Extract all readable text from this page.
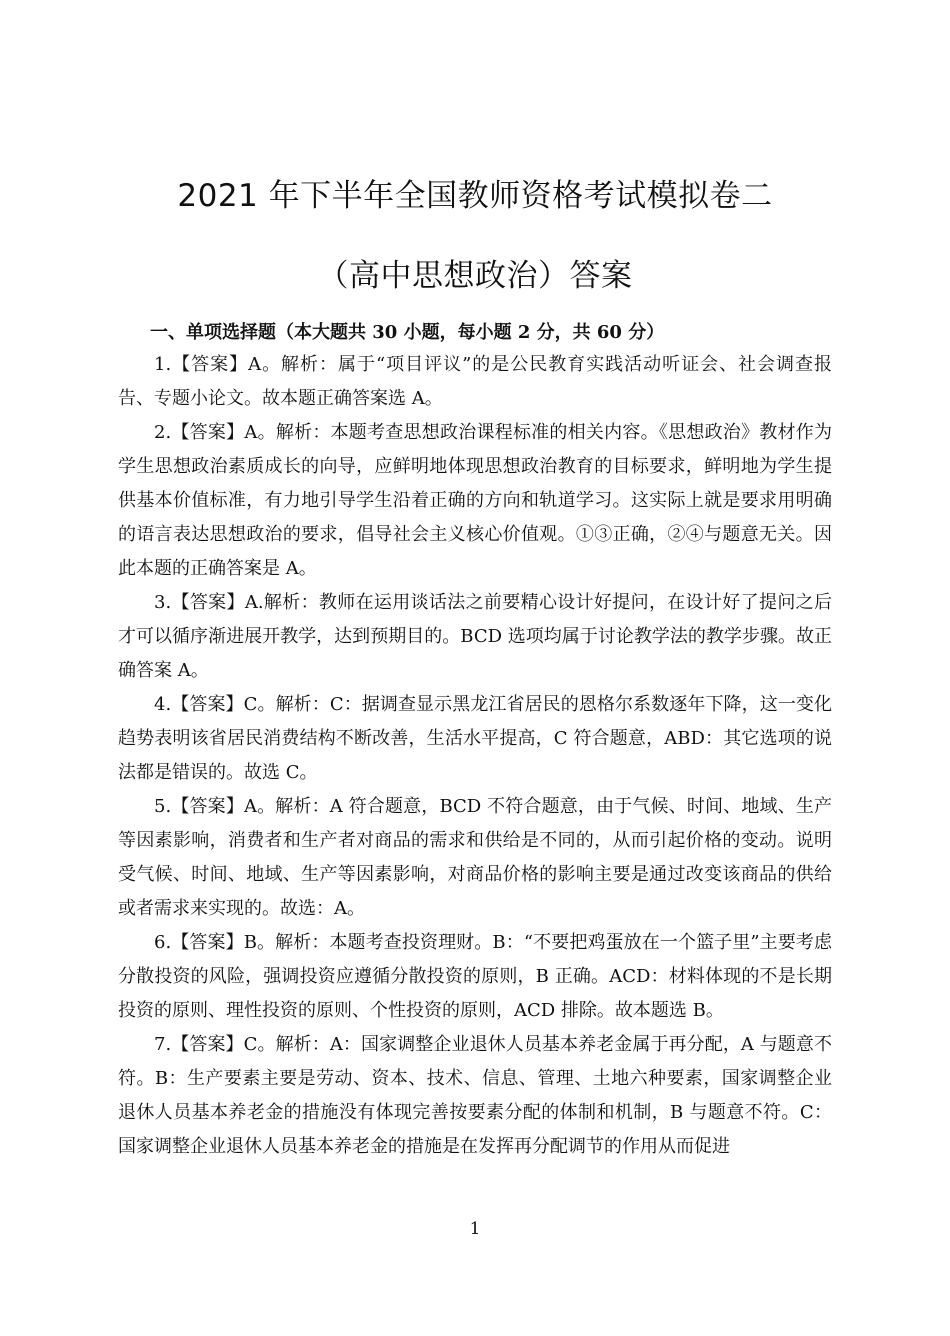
2021 年下半年全国教师资格考试模拟卷二
（高中思想政治）答案

一、单项选择题（本大题共 30 小题，每小题 2 分，共 60 分）

1.【答案】A。解析：属于“项目评议”的是公民教育实践活动听证会、社会调查报告、专题小论文。故本题正确答案选 A。

2.【答案】A。解析：本题考查思想政治课程标准的相关内容。《思想政治》教材作为学生思想政治素质成长的向导，应鲜明地体现思想政治教育的目标要求，鲜明地为学生提供基本价值标准，有力地引导学生沿着正确的方向和轨道学习。这实际上就是要求用明确的语言表达思想政治的要求，倡导社会主义核心价值观。①③正确，②④与题意无关。因此本题的正确答案是 A。

3.【答案】A.解析：教师在运用谈话法之前要精心设计好提问，在设计好了提问之后才可以循序渐进展开教学，达到预期目的。BCD 选项均属于讨论教学法的教学步骤。故正确答案 A。

4.【答案】C。解析：C：据调查显示黑龙江省居民的恩格尔系数逐年下降，这一变化趋势表明该省居民消费结构不断改善，生活水平提高，C 符合题意，ABD：其它选项的说法都是错误的。故选 C。

5.【答案】A。解析：A 符合题意，BCD 不符合题意，由于气候、时间、地域、生产等因素影响，消费者和生产者对商品的需求和供给是不同的，从而引起价格的变动。说明受气候、时间、地域、生产等因素影响，对商品价格的影响主要是通过改变该商品的供给或者需求来实现的。故选：A。

6.【答案】B。解析：本题考查投资理财。B：“不要把鸡蛋放在一个篮子里”主要考虑分散投资的风险，强调投资应遵循分散投资的原则，B 正确。ACD：材料体现的不是长期投资的原则、理性投资的原则、个性投资的原则，ACD 排除。故本题选 B。

7.【答案】C。解析：A：国家调整企业退休人员基本养老金属于再分配，A 与题意不符。B：生产要素主要是劳动、资本、技术、信息、管理、土地六种要素，国家调整企业退休人员基本养老金的措施没有体现完善按要素分配的体制和机制，B 与题意不符。C：国家调整企业退休人员基本养老金的措施是在发挥再分配调节的作用从而促进

1
